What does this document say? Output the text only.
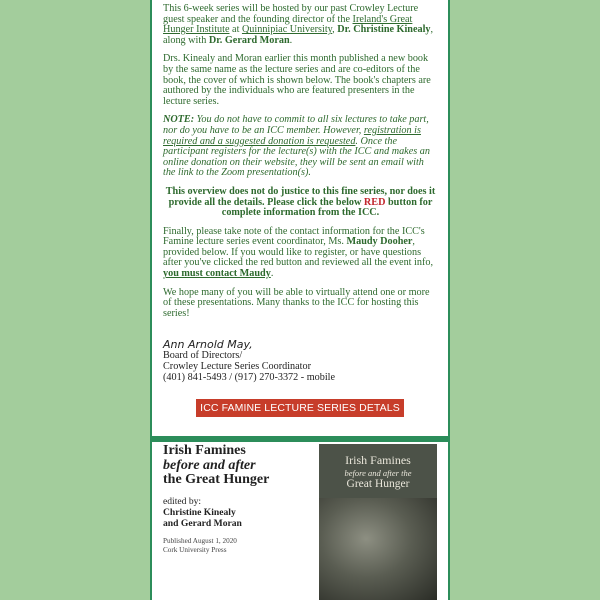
This 6-week series will be hosted by our past Crowley Lecture guest speaker and the founding director of the Ireland's Great Hunger Institute at Quinnipiac University, Dr. Christine Kinealy, along with Dr. Gerard Moran.

Drs. Kinealy and Moran earlier this month published a new book by the same name as the lecture series and are co-editors of the book, the cover of which is shown below. The book's chapters are authored by the individuals who are featured presenters in the lecture series.

NOTE: You do not have to commit to all six lectures to take part, nor do you have to be an ICC member. However, registration is required and a suggested donation is requested. Once the participant registers for the lecture(s) with the ICC and makes an online donation on their website, they will be sent an email with the link to the Zoom presentation(s).

This overview does not do justice to this fine series, nor does it provide all the details. Please click the below RED button for complete information from the ICC.

Finally, please take note of the contact information for the ICC's Famine lecture series event coordinator, Ms. Maudy Dooher, provided below. If you would like to register, or have questions after you've clicked the red button and reviewed all the event info, you must contact Maudy.

We hope many of you will be able to virtually attend one or more of these presentations. Many thanks to the ICC for hosting this series!

Ann Arnold May,
Board of Directors/
Crowley Lecture Series Coordinator
(401) 841-5493 / (917) 270-3372 - mobile
ICC FAMINE LECTURE SERIES DETALS
Irish Famines
before and after
the Great Hunger
edited by:
Christine Kinealy
and Gerard Moran
Published August 1, 2020
Cork University Press
Irish Famines
before and after the
Great Hunger
